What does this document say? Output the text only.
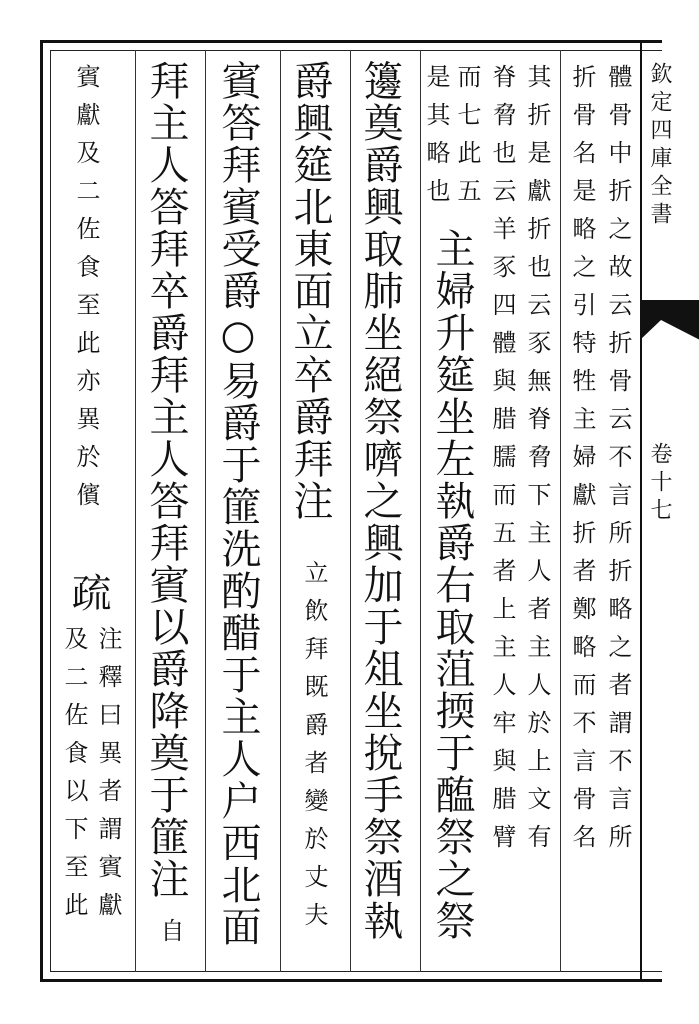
欽定四庫全書
卷十七
體骨中折之故云折骨云不言所折略之者謂不言所
折骨名是略之引特牲主婦獻折者鄭略而不言骨名
其折是獻折也云豕無脊脅下主人者主人於上文有
脊脅也云羊豕四體與腊臑而五者上主人牢與腊臂
而七此五
是其略也
主婦升筵坐左執爵右取菹㨎于醢祭之祭
籩奠爵興取肺坐絕祭嚌之興加于俎坐挩手祭酒執
爵興筵北東面立卒爵拜注
立飲拜既爵者變於丈夫
賓答拜賓受爵○易爵于篚洗酌醋于主人户西北面
拜主人答拜卒爵拜主人答拜賓以爵降奠于篚注
自
賓獻及二佐食至此亦異於儐
疏
注釋曰異者謂賓獻
及二佐食以下至此
